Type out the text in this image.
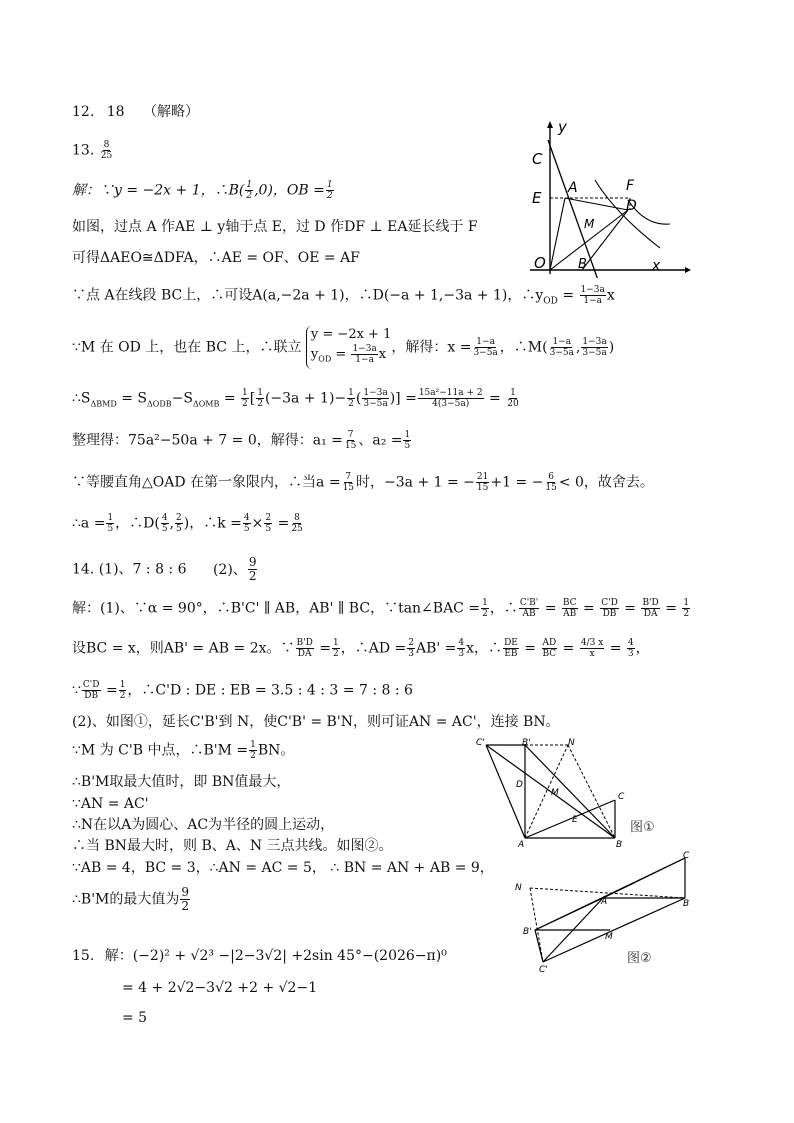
12. 18 （解略）
13. $\frac{8}{25}$
解：∵y = −2x + 1，∴B( $\frac{1}{2} ,0$)，OB = $\frac{1}{2}$
如图，过点 A 作AE ⊥ y轴于点 E，过 D 作DF ⊥ EA延长线于 F
可得ΔAEO≅ΔDFA，∴AE = OF、OE = AF
∵点 A在线段 BC上，∴可设A(a,−2a + 1)，∴D(−a + 1,−3a + 1)，$\therefore y_{OD} = \frac{1-3a}{1-a}$ x
∵M 在 OD 上，也在 BC 上，∴联立
y = −2x + 1
$y_{OD} = \frac{1-3a}{1-a}$ x ，解得：$x = \frac{1-a}{3-5a}$ ，∴M( $\frac{1-a}{3-5a}$ , $\frac{1-3a}{3-5a}$ )
$\therefore S_{\Delta BMD} = S_{\Delta ODB}-S_{\Delta OMB} = \frac{1}{2}$ [ $\frac{1}{2} (-3a + 1)- \frac{1}{2}$ ( $\frac{1-3a}{3-5a}$ )] = $\frac{\text{15a²−11a + 2}}{4(3-5a)} = \frac{1}{20}$
整理得：75a²−50a + 7 = 0，解得：$a_1 = \frac{7}{15}$ 、$a_2 = \frac{1}{5}$
∵等腰直角△OAD 在第一象限内，∴当$a = \frac{7}{15}$ 时，−3a + 1 = − $\frac{21}{15} +1$ = − $\frac{6}{15} < 0$，故舍去。
∴a = $\frac{1}{5}$ ，∴D( $\frac{4}{5}$ , $\frac{2}{5}$ )，∴k = $\frac{4}{5} \times \frac{2}{5} = \frac{8}{25}$
y
x
C
E
A	F
D
M
O B
14. (1)、7 : 8 : 6 (2)、 $\frac{9}{2}$
解：(1)、∵α = 90°，∴B'C' ∥ AB，AB' ∥ BC，∵tan∠BAC = $\frac{1}{2}$ ，∴ $\frac{C'B'}{AB} = \frac{BC}{AB} = \frac{C'D}{DB} = \frac{B'D}{DA} = \frac{1}{2}$
设BC = x，则AB' = AB = 2x。∵ $\frac{B'D}{DA} = \frac{1}{2}$ ，∴AD = $\frac{2}{3} AB' = \frac{4}{3}$ x，∴ $\frac{DE}{EB} = \frac{AD}{BC} = \frac{4/3 x}{x} = \frac{4}{3}$ ，
∵ $\frac{C'D}{DB} = \frac{1}{2}$ ，∴C'D : DE : EB = 3.5 : 4 : 3 = 7 : 8 : 6
(2)、如图①，延长C'B'到 N，使C'B' = B'N，则可证AN = AC'，连接 BN。
∵M 为 C'B 中点，∴B'M = $\frac{1}{2}$ BN。
∴B'M取最大值时，即 BN值最大，
∵AN = AC'
∴N在以A为圆心、AC为半径的圆上运动，
∴当 BN最大时，则 B、A、N 三点共线。如图②。
∵AB = 4，BC = 3，∴AN = AC = 5， ∴ BN = AN + AB = 9，
∴B'M的最大值为 $\frac{9}{2}$
C'	B'	N
D
M	C
E
A	B
图①
C
N
A	B
B'	M
C'
图②
15. 解：(−2)² + √2³ −|2−3√2| +2sin 45°−(2026−π)⁰
= 4 + 2√2−3√2 +2 + √2−1
= 5
